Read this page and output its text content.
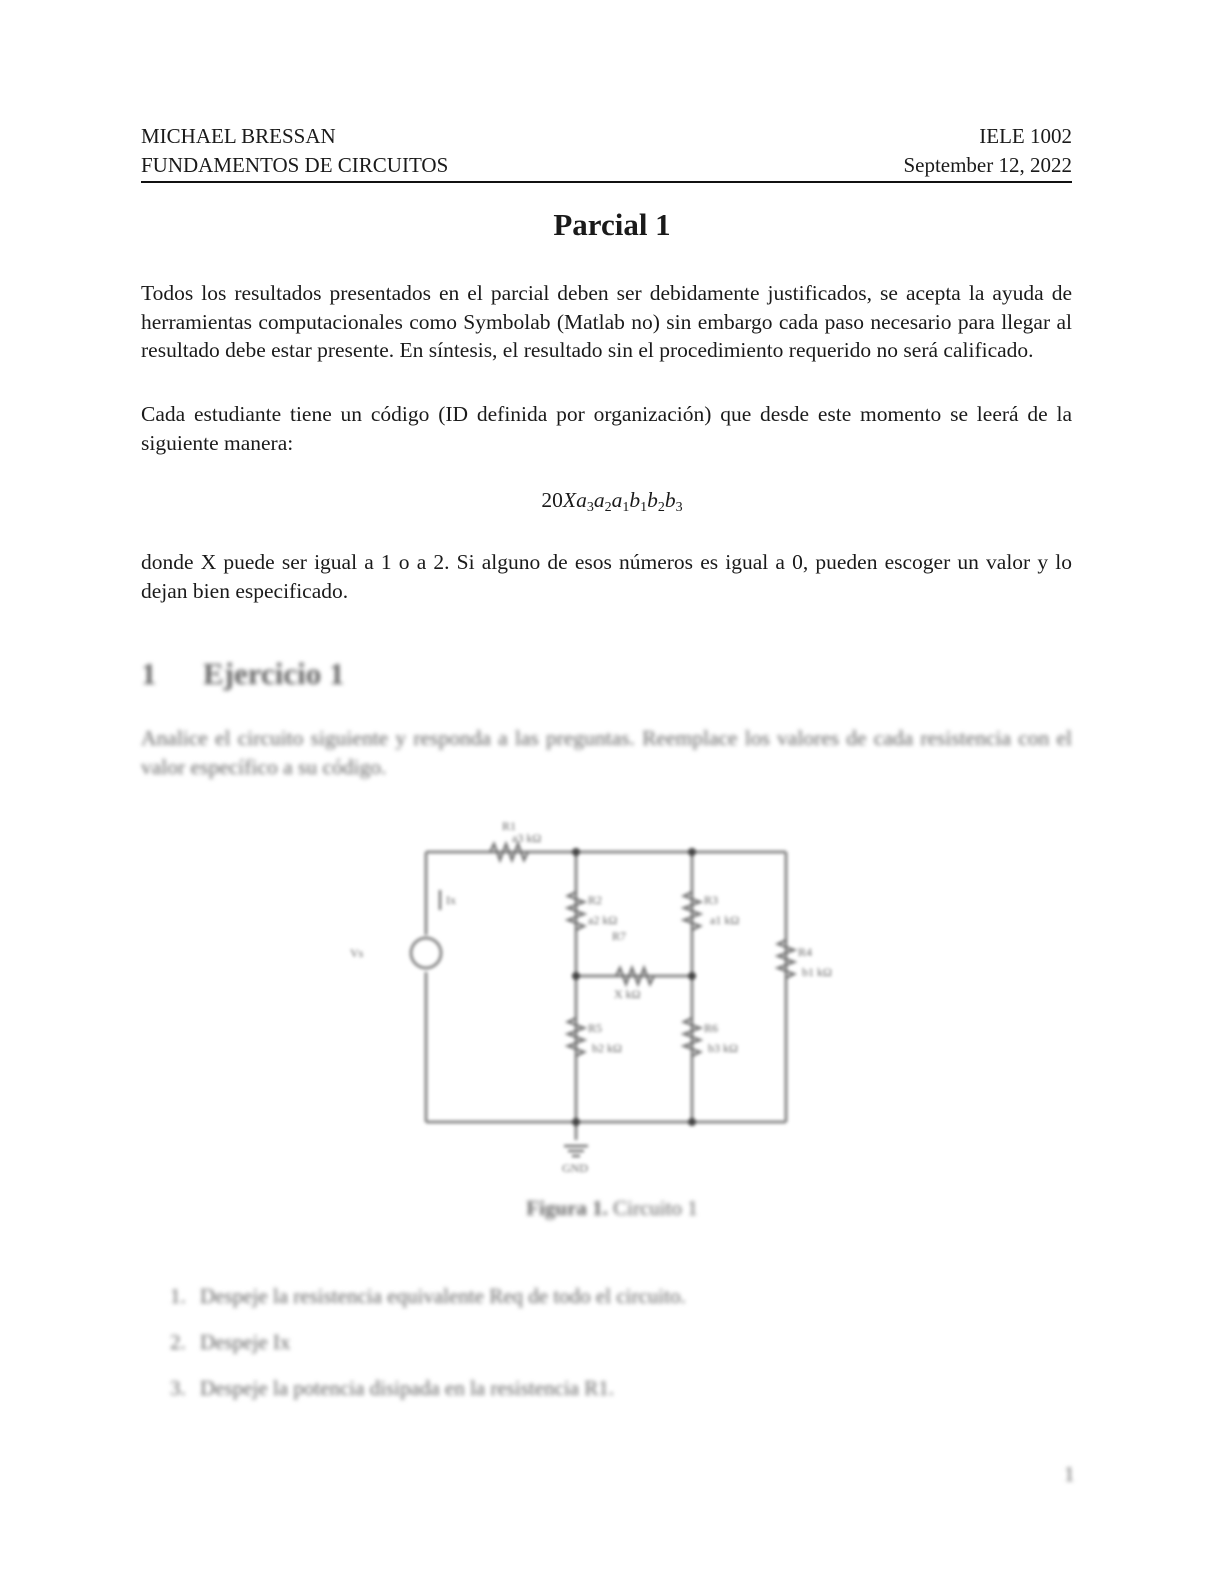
MICHAEL BRESSAN	IELE 1002
FUNDAMENTOS DE CIRCUITOS	September 12, 2022
Parcial 1
Todos los resultados presentados en el parcial deben ser debidamente justificados, se acepta la ayuda de herramientas computacionales como Symbolab (Matlab no) sin embargo cada paso necesario para llegar al resultado debe estar presente. En síntesis, el resultado sin el procedimiento requerido no será calificado.
Cada estudiante tiene un código (ID definida por organización) que desde este momento se leerá de la siguiente manera:
$20Xa_3a_2a_1b_1b_2b_3$
donde X puede ser igual a 1 o a 2. Si alguno de esos números es igual a 0, pueden escoger un valor y lo dejan bien especificado.
1 Ejercicio 1
Analice el circuito siguiente y responda a las preguntas. Reemplace los valores de cada resistencia con el valor específico a su código.
Vs
Ix
R1
a3 kΩ
R2
a2 kΩ
R3
a1 kΩ
R4
b1 kΩ
R5
b2 kΩ
R6
b3 kΩ
R7
X kΩ
GND
Figura 1. Circuito 1
1. Despeje la resistencia equivalente Req de todo el circuito.
2. Despeje Ix
3. Despeje la potencia disipada en la resistencia R1.
1
